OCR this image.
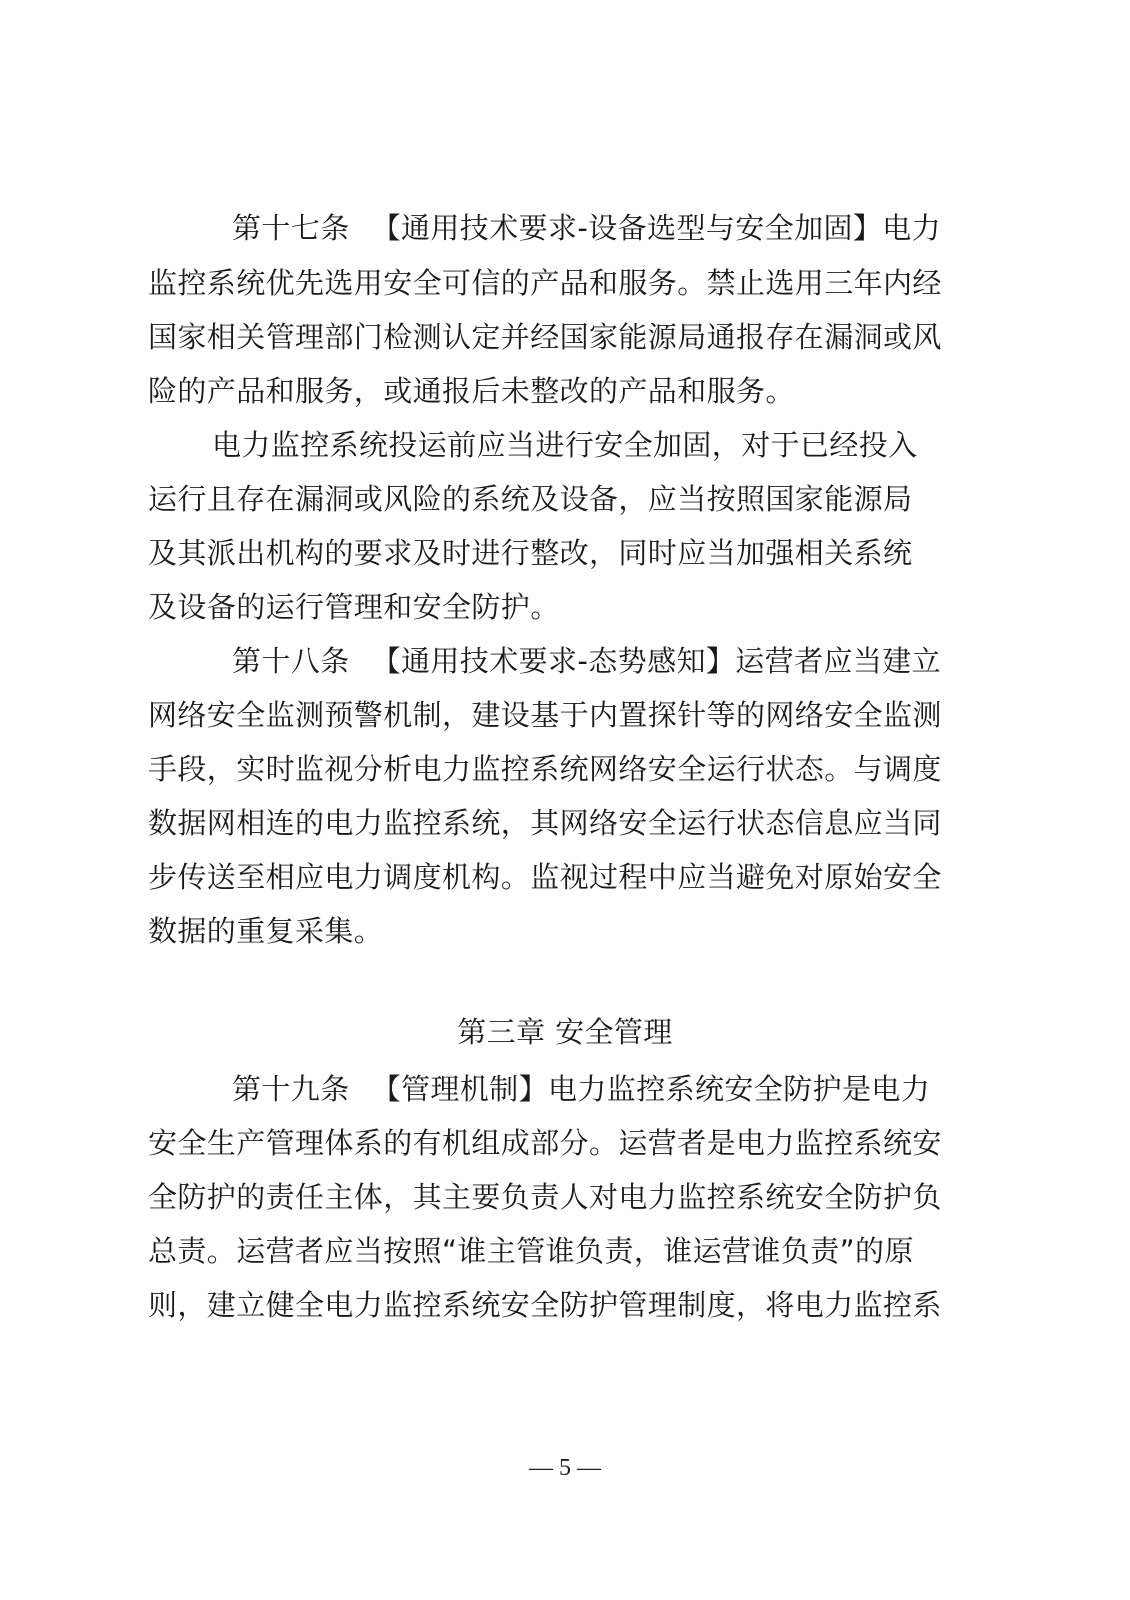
第十七条 【通用技术要求-设备选型与安全加固】电力
监控系统优先选用安全可信的产品和服务。禁止选用三年内经
国家相关管理部门检测认定并经国家能源局通报存在漏洞或风
险的产品和服务，或通报后未整改的产品和服务。
电力监控系统投运前应当进行安全加固，对于已经投入
运行且存在漏洞或风险的系统及设备，应当按照国家能源局
及其派出机构的要求及时进行整改，同时应当加强相关系统
及设备的运行管理和安全防护。
第十八条 【通用技术要求-态势感知】运营者应当建立
网络安全监测预警机制，建设基于内置探针等的网络安全监测
手段，实时监视分析电力监控系统网络安全运行状态。与调度
数据网相连的电力监控系统，其网络安全运行状态信息应当同
步传送至相应电力调度机构。监视过程中应当避免对原始安全
数据的重复采集。
第三章 安全管理
第十九条 【管理机制】电力监控系统安全防护是电力
安全生产管理体系的有机组成部分。运营者是电力监控系统安
全防护的责任主体，其主要负责人对电力监控系统安全防护负
总责。运营者应当按照“谁主管谁负责，谁运营谁负责”的原
则，建立健全电力监控系统安全防护管理制度，将电力监控系
— 5 —
